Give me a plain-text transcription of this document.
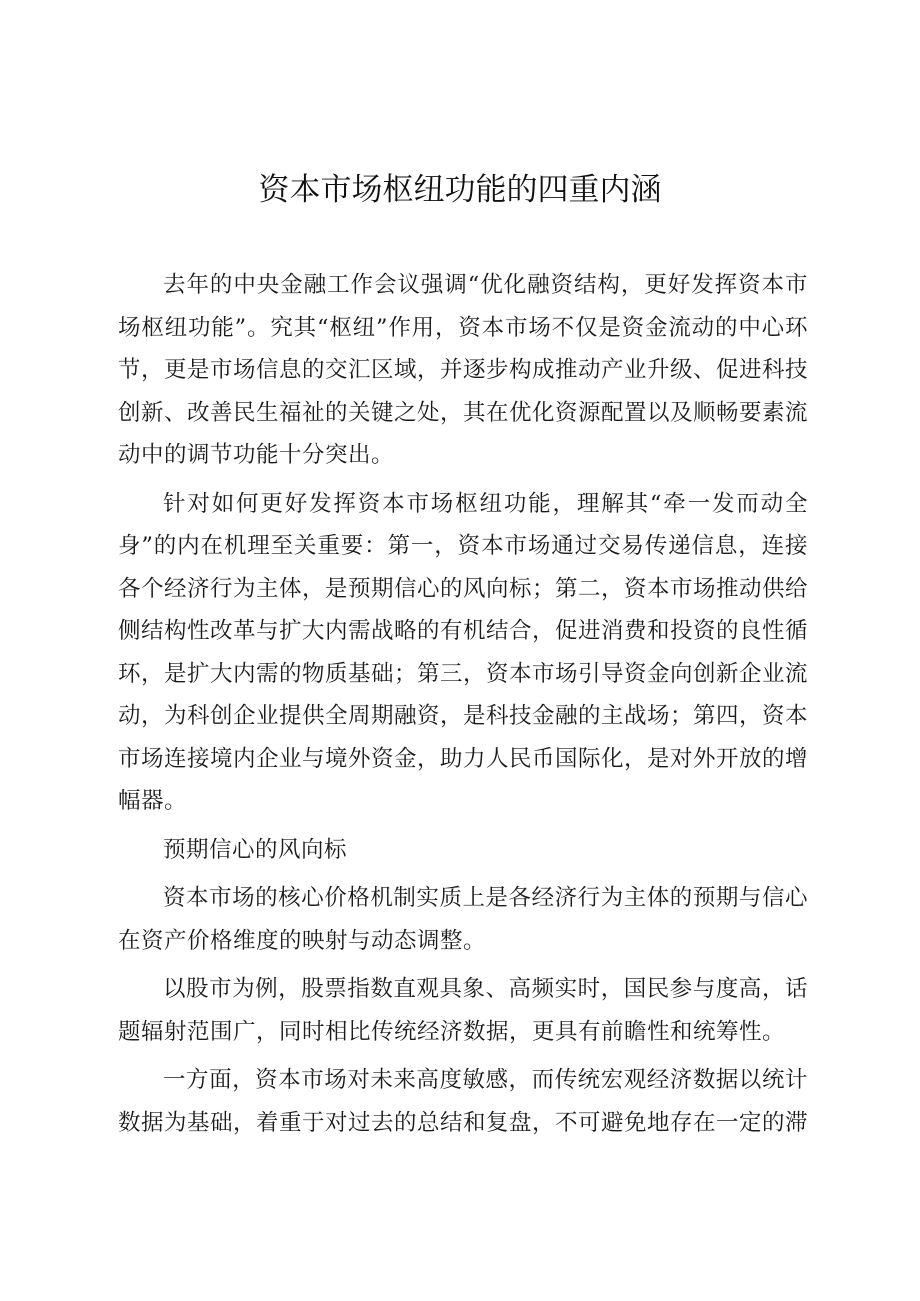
资本市场枢纽功能的四重内涵

去年的中央金融工作会议强调“优化融资结构，更好发挥资本市场枢纽功能”。究其“枢纽”作用，资本市场不仅是资金流动的中心环节，更是市场信息的交汇区域，并逐步构成推动产业升级、促进科技创新、改善民生福祉的关键之处，其在优化资源配置以及顺畅要素流动中的调节功能十分突出。

针对如何更好发挥资本市场枢纽功能，理解其“牵一发而动全身”的内在机理至关重要：第一，资本市场通过交易传递信息，连接各个经济行为主体，是预期信心的风向标；第二，资本市场推动供给侧结构性改革与扩大内需战略的有机结合，促进消费和投资的良性循环，是扩大内需的物质基础；第三，资本市场引导资金向创新企业流动，为科创企业提供全周期融资，是科技金融的主战场；第四，资本市场连接境内企业与境外资金，助力人民币国际化，是对外开放的增幅器。

预期信心的风向标

资本市场的核心价格机制实质上是各经济行为主体的预期与信心在资产价格维度的映射与动态调整。

以股市为例，股票指数直观具象、高频实时，国民参与度高，话题辐射范围广，同时相比传统经济数据，更具有前瞻性和统筹性。

一方面，资本市场对未来高度敏感，而传统宏观经济数据以统计数据为基础，着重于对过去的总结和复盘，不可避免地存在一定的滞
